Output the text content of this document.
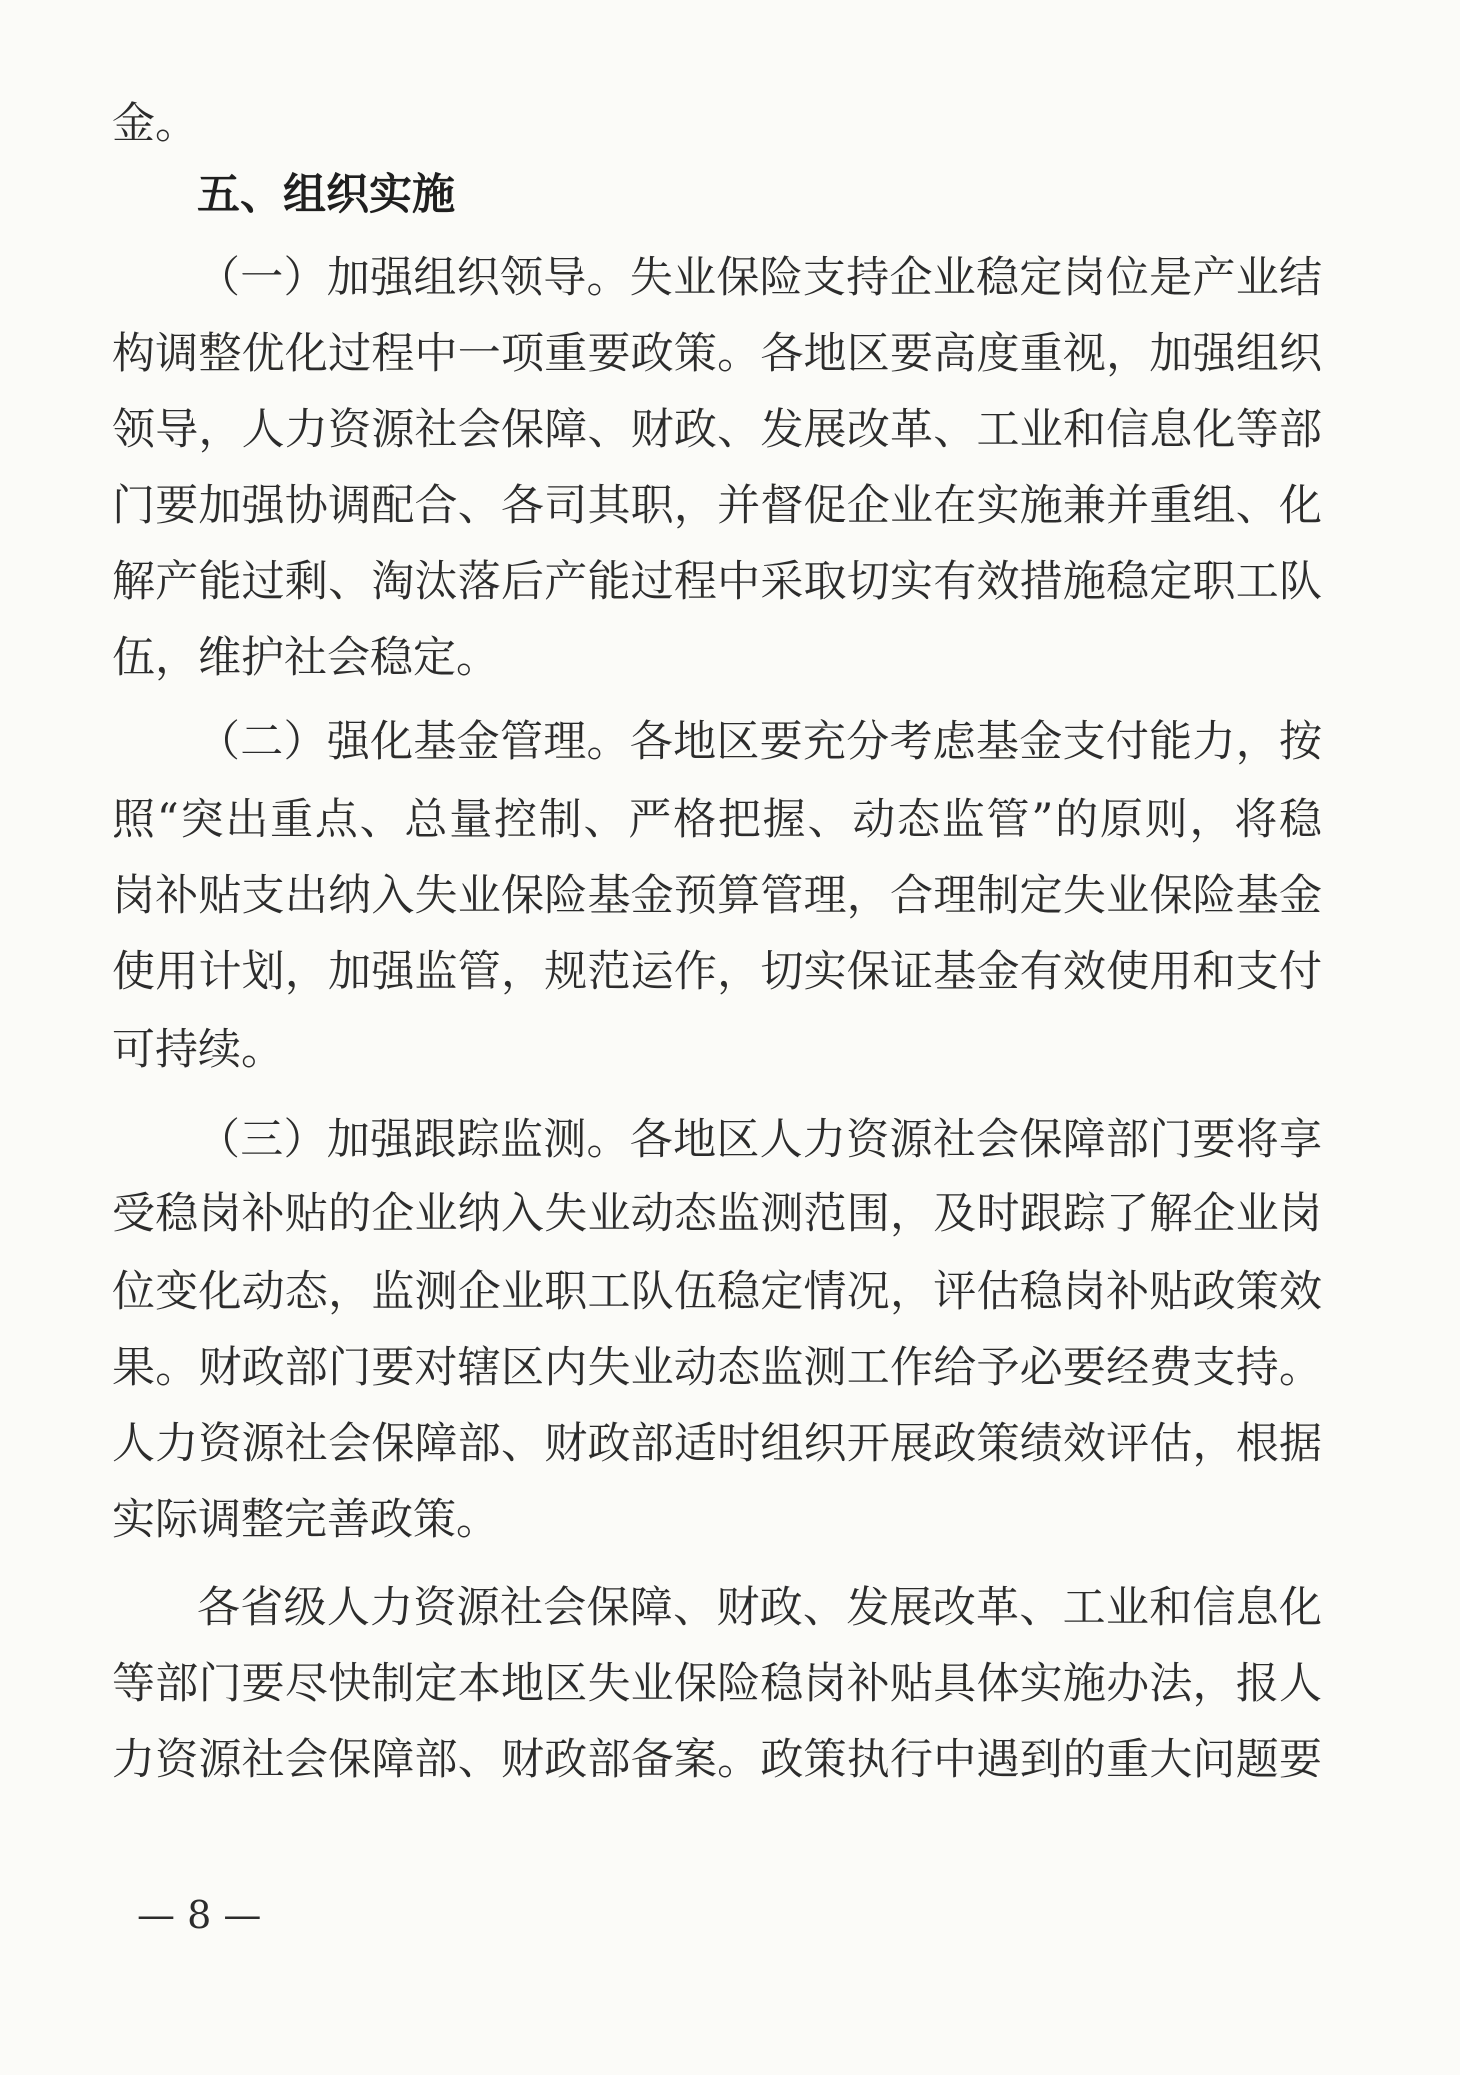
金。
五、组织实施
（一）加强组织领导。失业保险支持企业稳定岗位是产业结
构调整优化过程中一项重要政策。各地区要高度重视，加强组织
领导，人力资源社会保障、财政、发展改革、工业和信息化等部
门要加强协调配合、各司其职，并督促企业在实施兼并重组、化
解产能过剩、淘汰落后产能过程中采取切实有效措施稳定职工队
伍，维护社会稳定。
（二）强化基金管理。各地区要充分考虑基金支付能力，按
照“突出重点、总量控制、严格把握、动态监管”的原则，将稳
岗补贴支出纳入失业保险基金预算管理，合理制定失业保险基金
使用计划，加强监管，规范运作，切实保证基金有效使用和支付
可持续。
（三）加强跟踪监测。各地区人力资源社会保障部门要将享
受稳岗补贴的企业纳入失业动态监测范围，及时跟踪了解企业岗
位变化动态，监测企业职工队伍稳定情况，评估稳岗补贴政策效
果。财政部门要对辖区内失业动态监测工作给予必要经费支持。
人力资源社会保障部、财政部适时组织开展政策绩效评估，根据
实际调整完善政策。
各省级人力资源社会保障、财政、发展改革、工业和信息化
等部门要尽快制定本地区失业保险稳岗补贴具体实施办法，报人
力资源社会保障部、财政部备案。政策执行中遇到的重大问题要
— 8 —
